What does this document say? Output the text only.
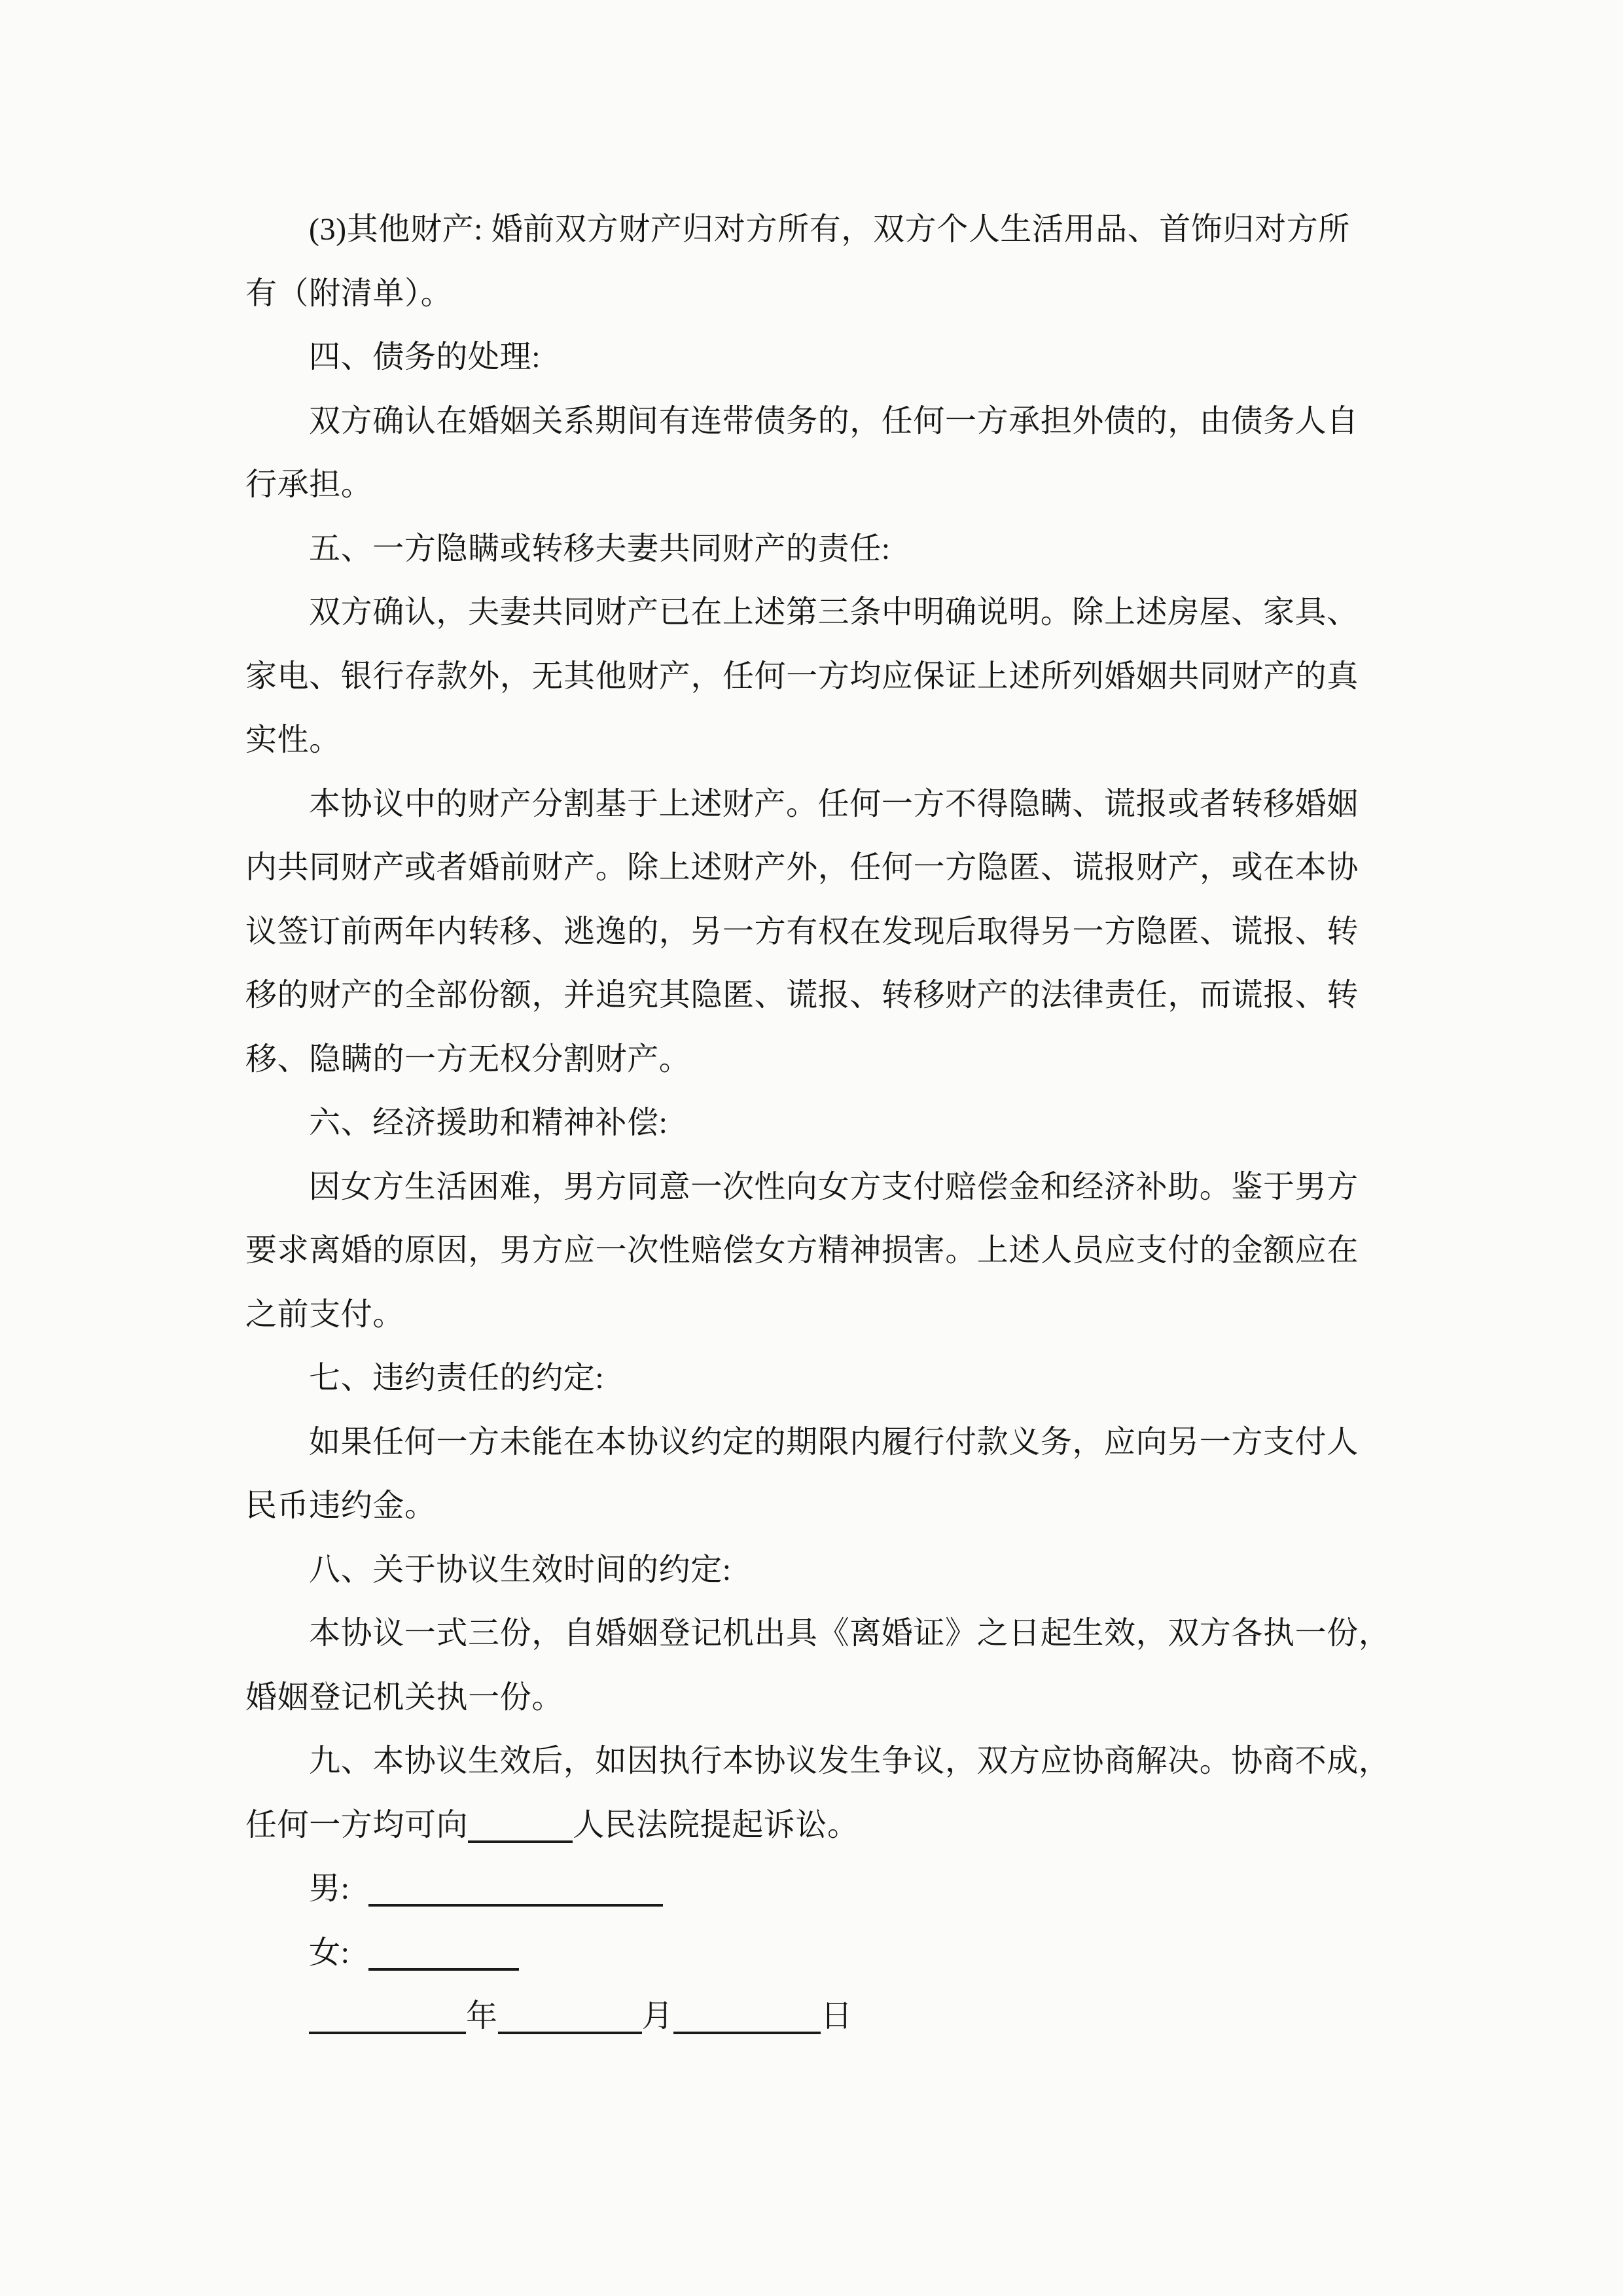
(3)其他财产: 婚前双方财产归对方所有，双方个人生活用品、首饰归对方所
有（附清单）。
四、债务的处理:
双方确认在婚姻关系期间有连带债务的，任何一方承担外债的，由债务人自
行承担。
五、一方隐瞒或转移夫妻共同财产的责任:
双方确认，夫妻共同财产已在上述第三条中明确说明。除上述房屋、家具、
家电、银行存款外，无其他财产，任何一方均应保证上述所列婚姻共同财产的真
实性。
本协议中的财产分割基于上述财产。任何一方不得隐瞒、谎报或者转移婚姻
内共同财产或者婚前财产。除上述财产外，任何一方隐匿、谎报财产，或在本协
议签订前两年内转移、逃逸的，另一方有权在发现后取得另一方隐匿、谎报、转
移的财产的全部份额，并追究其隐匿、谎报、转移财产的法律责任，而谎报、转
移、隐瞒的一方无权分割财产。
六、经济援助和精神补偿:
因女方生活困难，男方同意一次性向女方支付赔偿金和经济补助。鉴于男方
要求离婚的原因，男方应一次性赔偿女方精神损害。上述人员应支付的金额应在
之前支付。
七、违约责任的约定:
如果任何一方未能在本协议约定的期限内履行付款义务，应向另一方支付人
民币违约金。
八、关于协议生效时间的约定:
本协议一式三份，自婚姻登记机出具《离婚证》之日起生效，双方各执一份，
婚姻登记机关执一份。
九、本协议生效后，如因执行本协议发生争议，双方应协商解决。协商不成，
任何一方均可向	人民法院提起诉讼。
男:
女:
年	月	日
